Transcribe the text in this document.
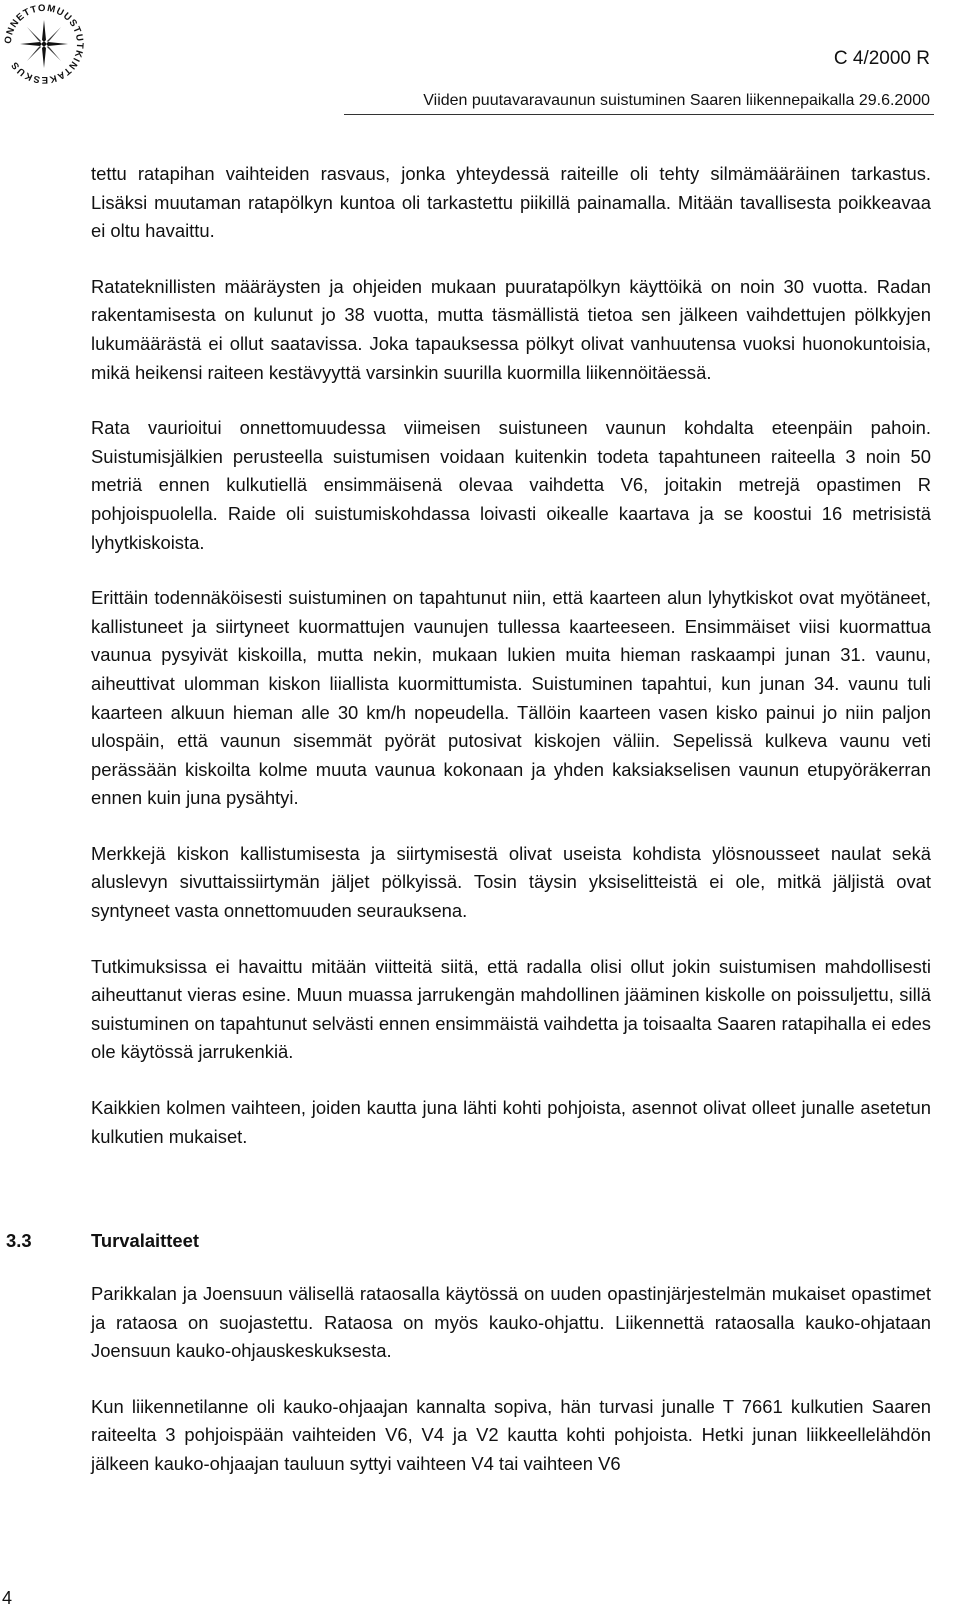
ONNETTOMUUSTUTKINTAKESKUS	C 4/2000 R
Viiden puutavaravaunun suistuminen Saaren liikennepaikalla 29.6.2000

tettu ratapihan vaihteiden rasvaus, jonka yhteydessä raiteille oli tehty silmämääräinen tarkastus. Lisäksi muutaman ratapölkyn kuntoa oli tarkastettu piikillä painamalla. Mitään tavallisesta poikkeavaa ei oltu havaittu.

Ratateknillisten määräysten ja ohjeiden mukaan puuratapölkyn käyttöikä on noin 30 vuotta. Radan rakentamisesta on kulunut jo 38 vuotta, mutta täsmällistä tietoa sen jälkeen vaihdettujen pölkkyjen lukumäärästä ei ollut saatavissa. Joka tapauksessa pölkyt olivat vanhuutensa vuoksi huonokuntoisia, mikä heikensi raiteen kestävyyttä varsinkin suurilla kuormilla liikennöitäessä.

Rata vaurioitui onnettomuudessa viimeisen suistuneen vaunun kohdalta eteenpäin pahoin. Suistumisjälkien perusteella suistumisen voidaan kuitenkin todeta tapahtuneen raiteella 3 noin 50 metriä ennen kulkutiellä ensimmäisenä olevaa vaihdetta V6, joitakin metrejä opastimen R pohjoispuolella. Raide oli suistumiskohdassa loivasti oikealle kaartava ja se koostui 16 metrisistä lyhytkiskoista.

Erittäin todennäköisesti suistuminen on tapahtunut niin, että kaarteen alun lyhytkiskot ovat myötäneet, kallistuneet ja siirtyneet kuormattujen vaunujen tullessa kaarteeseen. Ensimmäiset viisi kuormattua vaunua pysyivät kiskoilla, mutta nekin, mukaan lukien muita hieman raskaampi junan 31. vaunu, aiheuttivat ulomman kiskon liiallista kuormittumista. Suistuminen tapahtui, kun junan 34. vaunu tuli kaarteen alkuun hieman alle 30 km/h nopeudella. Tällöin kaarteen vasen kisko painui jo niin paljon ulospäin, että vaunun sisemmät pyörät putosivat kiskojen väliin. Sepelissä kulkeva vaunu veti perässään kiskoilta kolme muuta vaunua kokonaan ja yhden kaksiakselisen vaunun etupyöräkerran ennen kuin juna pysähtyi.

Merkkejä kiskon kallistumisesta ja siirtymisestä olivat useista kohdista ylösnousseet naulat sekä aluslevyn sivuttaissiirtymän jäljet pölkyissä. Tosin täysin yksiselitteistä ei ole, mitkä jäljistä ovat syntyneet vasta onnettomuuden seurauksena.

Tutkimuksissa ei havaittu mitään viitteitä siitä, että radalla olisi ollut jokin suistumisen mahdollisesti aiheuttanut vieras esine. Muun muassa jarrukengän mahdollinen jääminen kiskolle on poissuljettu, sillä suistuminen on tapahtunut selvästi ennen ensimmäistä vaihdetta ja toisaalta Saaren ratapihalla ei edes ole käytössä jarrukenkiä.

Kaikkien kolmen vaihteen, joiden kautta juna lähti kohti pohjoista, asennot olivat olleet junalle asetetun kulkutien mukaiset.

3.3	Turvalaitteet

Parikkalan ja Joensuun välisellä rataosalla käytössä on uuden opastinjärjestelmän mukaiset opastimet ja rataosa on suojastettu. Rataosa on myös kauko-ohjattu. Liikennettä rataosalla kauko-ohjataan Joensuun kauko-ohjauskeskuksesta.

Kun liikennetilanne oli kauko-ohjaajan kannalta sopiva, hän turvasi junalle T 7661 kulkutien Saaren raiteelta 3 pohjoispään vaihteiden V6, V4 ja V2 kautta kohti pohjoista. Hetki junan liikkeellelähdön jälkeen kauko-ohjaajan tauluun syttyi vaihteen V4 tai vaihteen V6

4
